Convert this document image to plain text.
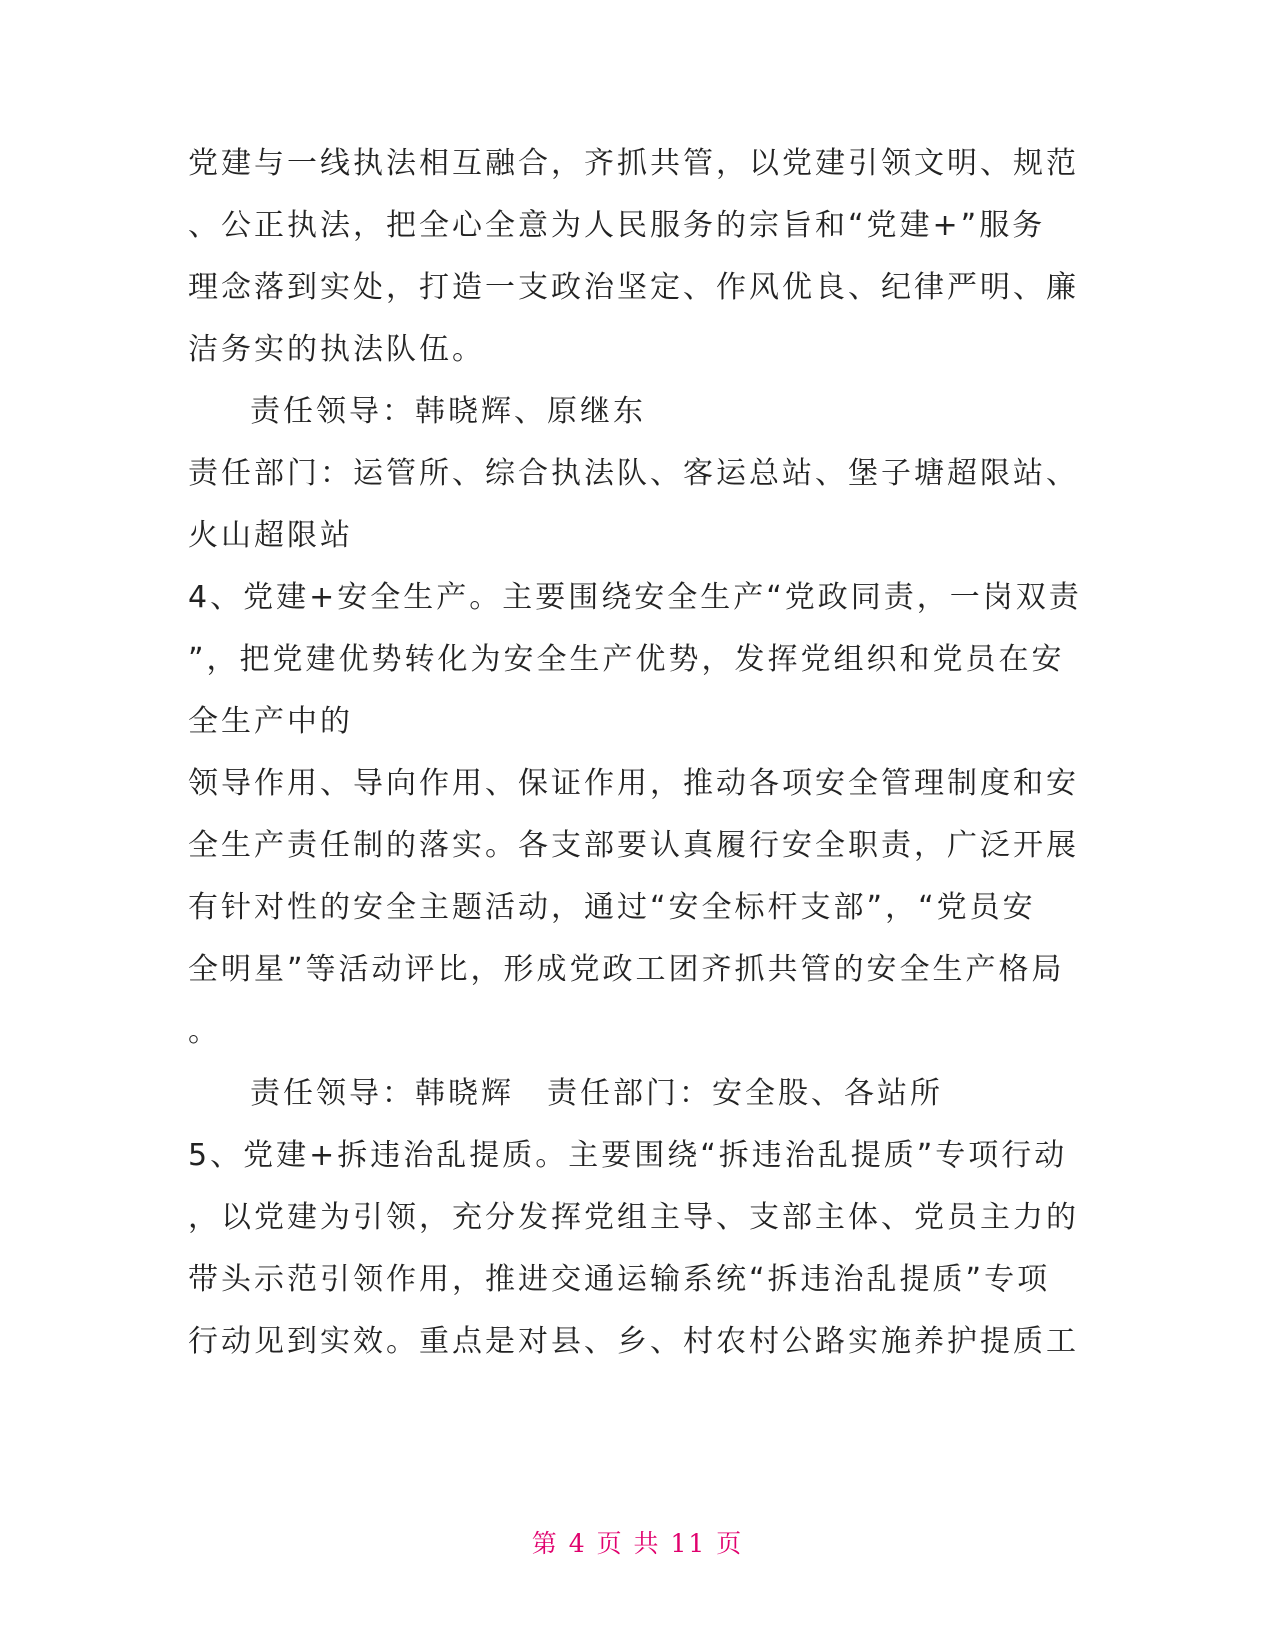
党建与一线执法相互融合，齐抓共管，以党建引领文明、规范
、公正执法，把全心全意为人民服务的宗旨和“党建+”服务
理念落到实处，打造一支政治坚定、作风优良、纪律严明、廉
洁务实的执法队伍。
责任领导：韩晓辉、原继东
责任部门：运管所、综合执法队、客运总站、堡子塘超限站、
火山超限站
4、党建+安全生产。主要围绕安全生产“党政同责，一岗双责
”，把党建优势转化为安全生产优势，发挥党组织和党员在安
全生产中的
领导作用、导向作用、保证作用，推动各项安全管理制度和安
全生产责任制的落实。各支部要认真履行安全职责，广泛开展
有针对性的安全主题活动，通过“安全标杆支部”，“党员安
全明星”等活动评比，形成党政工团齐抓共管的安全生产格局
。
责任领导：韩晓辉　责任部门：安全股、各站所
5、党建+拆违治乱提质。主要围绕“拆违治乱提质”专项行动
，以党建为引领，充分发挥党组主导、支部主体、党员主力的
带头示范引领作用，推进交通运输系统“拆违治乱提质”专项
行动见到实效。重点是对县、乡、村农村公路实施养护提质工
第 4 页 共 11 页
